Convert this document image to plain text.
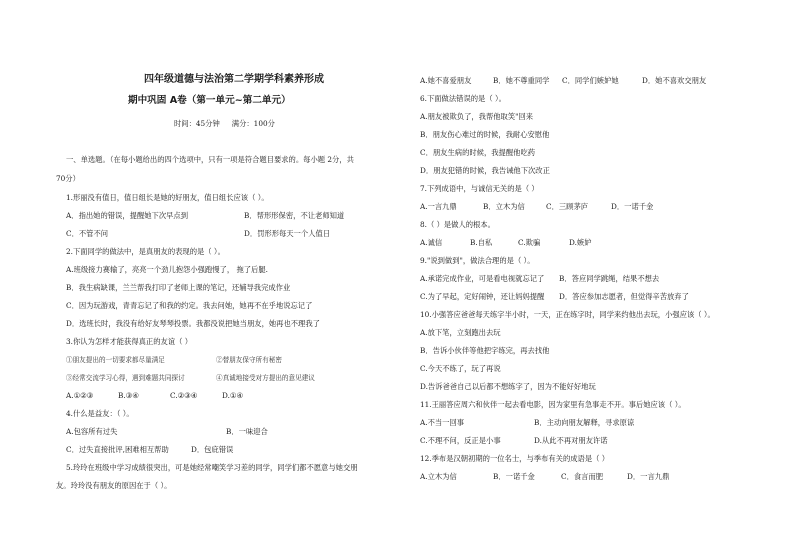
四年级道德与法治第二学期学科素养形成
期中巩固 A卷（第一单元~第二单元）
时间：45分钟 满分：100分
一、单选题。（在每小题给出的四个选项中，只有一项是符合题目要求的。每小题 2分，共
70分）
1.形丽没有值日，值日组长是她的好朋友，值日组长应该（ ）。
A．指出她的错误，提醒她下次早点到	B．帮形形保密，不让老师知道
C．不管不问	D．罚形形每天一个人值日
2.下面同学的做法中，是真朋友的表现的是（ ）。
A.班级接力赛输了，亮亮一个劲儿抱怨小强跑慢了， 拖了后腿.
B．我生病缺课，兰兰帮我打印了老师上课的笔记，还辅导我完成作业
C．因为玩游戏，青青忘记了和我的约定。我去问她，她再不在乎地说忘记了
D．选班长时，我没有给好友琴琴投票。我都没说把她当朋友，她再也不理我了
3.你认为怎样才能获得真正的友谊（ ）
①朋友提出的一切要求都尽量满足	②替朋友保守所有秘密
③经常交流学习心得，遇到难题共同探讨	④真诚地接受对方提出的意见建议
A.①②③	B.③④	C.②③④	D.①④
4.什么是益友：（ ）。
A.包容所有过失	B．一味迎合
C．过失直接批评,困难相互帮助	D．包庇错误
5.玲玲在班级中学习成绩很突出，可是她经常嘲笑学习差的同学，同学们都不愿意与她交朋
友。玲玲没有朋友的原因在于（ ）。
A.她不喜爱朋友	B．她不尊重同学	C．同学们嫉妒她	D．她不喜欢交朋友
6.下面做法错误的是（ ）。
A.朋友被欺负了，我帮他取笑"回来
B．朋友伤心难过的时候，我耐心安慰他
C．朋友生病的时候，我提醒他吃药
D．朋友犯错的时候，我告诫他下次改正
7.下列成语中，与诚信无关的是（ ）
A.一言九鼎	B．立木为信	C．三顾茅庐	D．一诺千金
8.（ ）是做人的根本。
A.诚信	B.自私	C.欺骗	D.嫉妒
9."说到做到"，做法合理的是（ ）。
A.承诺完成作业，可是看电视就忘记了	B．答应同学跳绳，结果不想去
C.为了早起，定好闹钟，还让妈妈提醒	D．答应参加志愿者，但觉得辛苦放弃了
10.小强答应爸爸每天练字半小时，一天，正在练字时，同学来约他出去玩，小强应该（ ）。
A.放下笔，立刻跑出去玩
B．告诉小伙伴等他把字练完，再去找他
C.今天不练了，玩了再说
D.告诉爸爸自己以后都不想练字了，因为不能好好地玩
11.王丽答应周六和伙伴一起去看电影，因为家里有急事走不开。事后她应该（ ）。
A.不当一回事	B．主动向朋友解释，寻求原谅
C.不理不问，反正是小事	D.从此不再对朋友许诺
12.季布是汉朝初期的一位名士，与季布有关的成语是（ ）
A.立木为信	B．一诺千金	C．食言而肥	D．一言九鼎
